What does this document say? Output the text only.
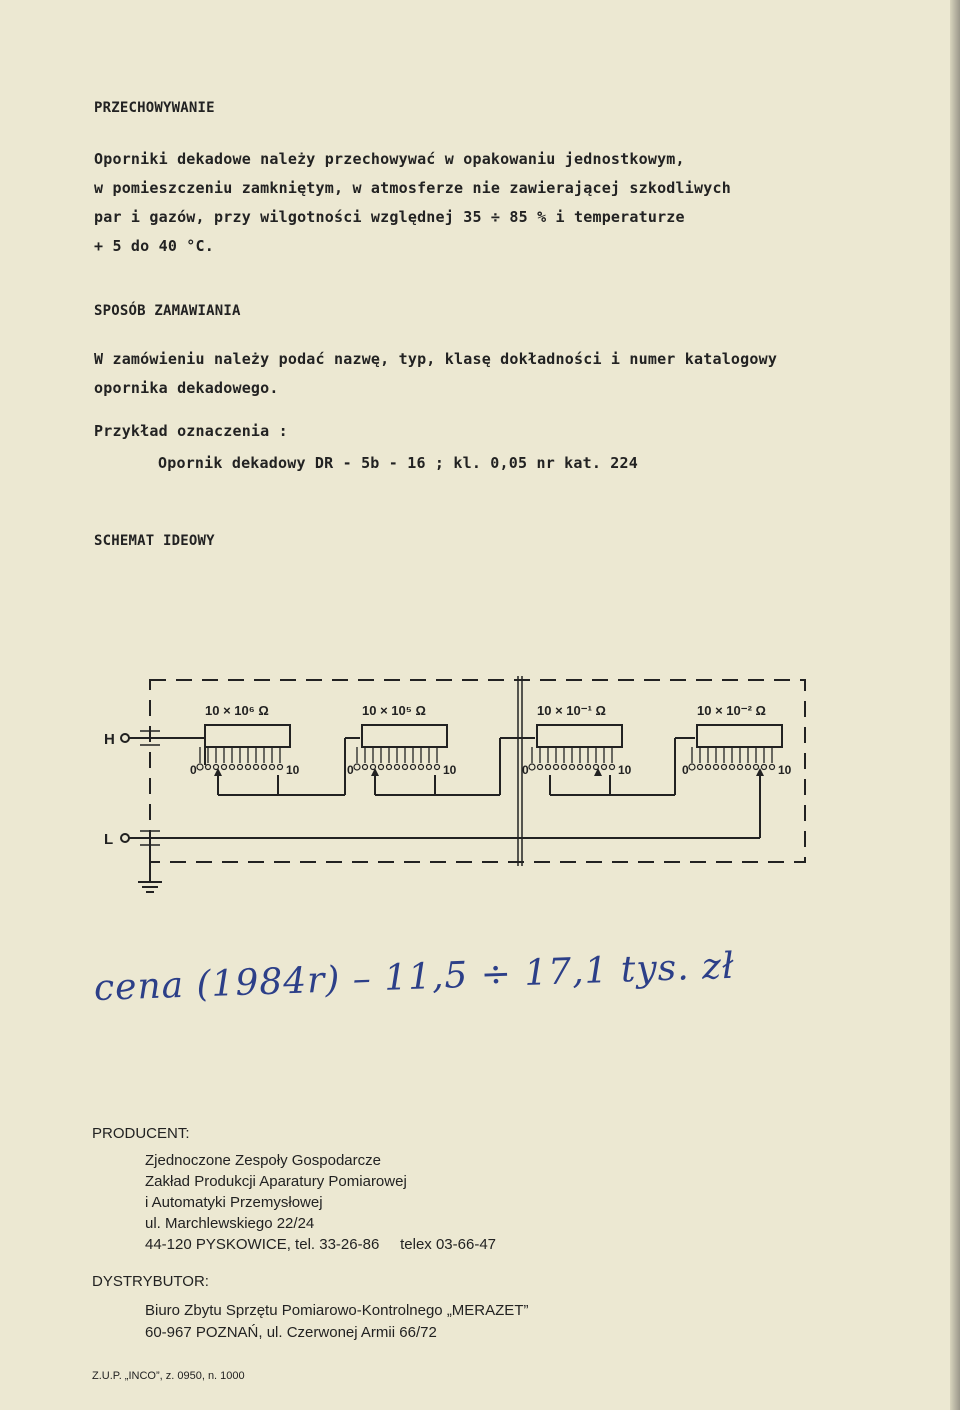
PRZECHOWYWANIE
Oporniki dekadowe należy przechowywać w opakowaniu jednostkowym,
w pomieszczeniu zamkniętym, w atmosferze nie zawierającej szkodliwych
par i gazów, przy wilgotności względnej 35 ÷ 85 % i temperaturze
+ 5 do 40 °C.
SPOSÓB ZAMAWIANIA
W zamówieniu należy podać nazwę, typ, klasę dokładności i numer katalogowy
opornika dekadowego.
Przykład oznaczenia :
Opornik dekadowy DR - 5b - 16 ; kl. 0,05 nr kat. 224
SCHEMAT IDEOWY
H
L
10 × 10⁶ Ω	10 × 10⁵ Ω	10 × 10⁻¹ Ω	10 × 10⁻² Ω
0	10	0	10	0	10	0	10
cena (1984r) – 11,5 ÷ 17,1 tys. zł
PRODUCENT:
Zjednoczone Zespoły Gospodarcze
Zakład Produkcji Aparatury Pomiarowej
i Automatyki Przemysłowej
ul. Marchlewskiego 22/24
44-120 PYSKOWICE, tel. 33-26-86     telex 03-66-47
DYSTRYBUTOR:
Biuro Zbytu Sprzętu Pomiarowo-Kontrolnego „MERAZET”
60-967 POZNAŃ, ul. Czerwonej Armii 66/72
Z.U.P. „INCO”, z. 0950, n. 1000
